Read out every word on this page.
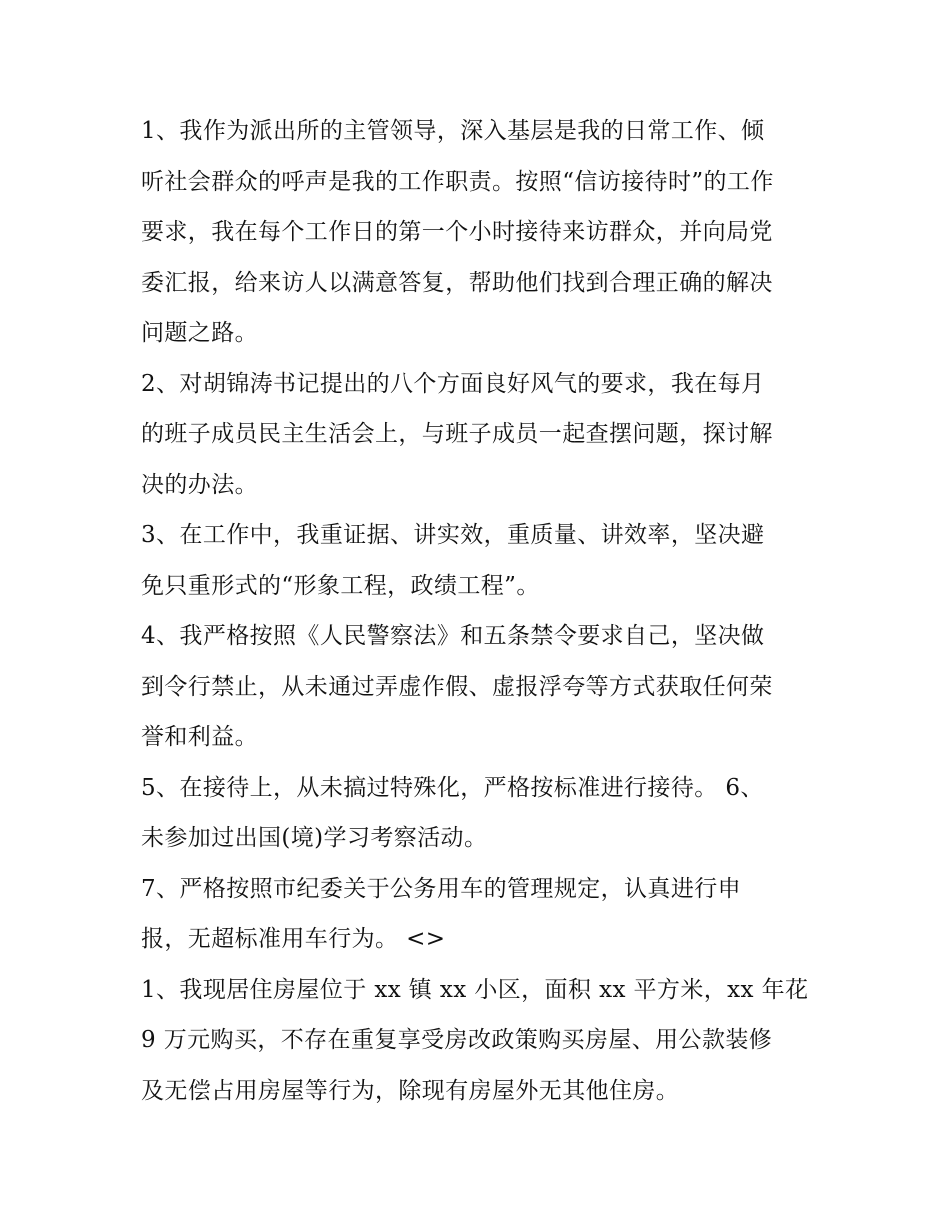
1、我作为派出所的主管领导，深入基层是我的日常工作、倾
听社会群众的呼声是我的工作职责。按照“信访接待时”的工作
要求，我在每个工作日的第一个小时接待来访群众，并向局党
委汇报，给来访人以满意答复，帮助他们找到合理正确的解决
问题之路。

2、对胡锦涛书记提出的八个方面良好风气的要求，我在每月
的班子成员民主生活会上，与班子成员一起查摆问题，探讨解
决的办法。

3、在工作中，我重证据、讲实效，重质量、讲效率，坚决避
免只重形式的“形象工程，政绩工程”。

4、我严格按照《人民警察法》和五条禁令要求自己，坚决做
到令行禁止，从未通过弄虚作假、虚报浮夸等方式获取任何荣
誉和利益。

5、在接待上，从未搞过特殊化，严格按标准进行接待。 6、
未参加过出国(境)学习考察活动。

7、严格按照市纪委关于公务用车的管理规定，认真进行申
报，无超标准用车行为。 <>

1、我现居住房屋位于 xx 镇 xx 小区，面积 xx 平方米，xx 年花
9 万元购买，不存在重复享受房改政策购买房屋、用公款装修
及无偿占用房屋等行为，除现有房屋外无其他住房。
